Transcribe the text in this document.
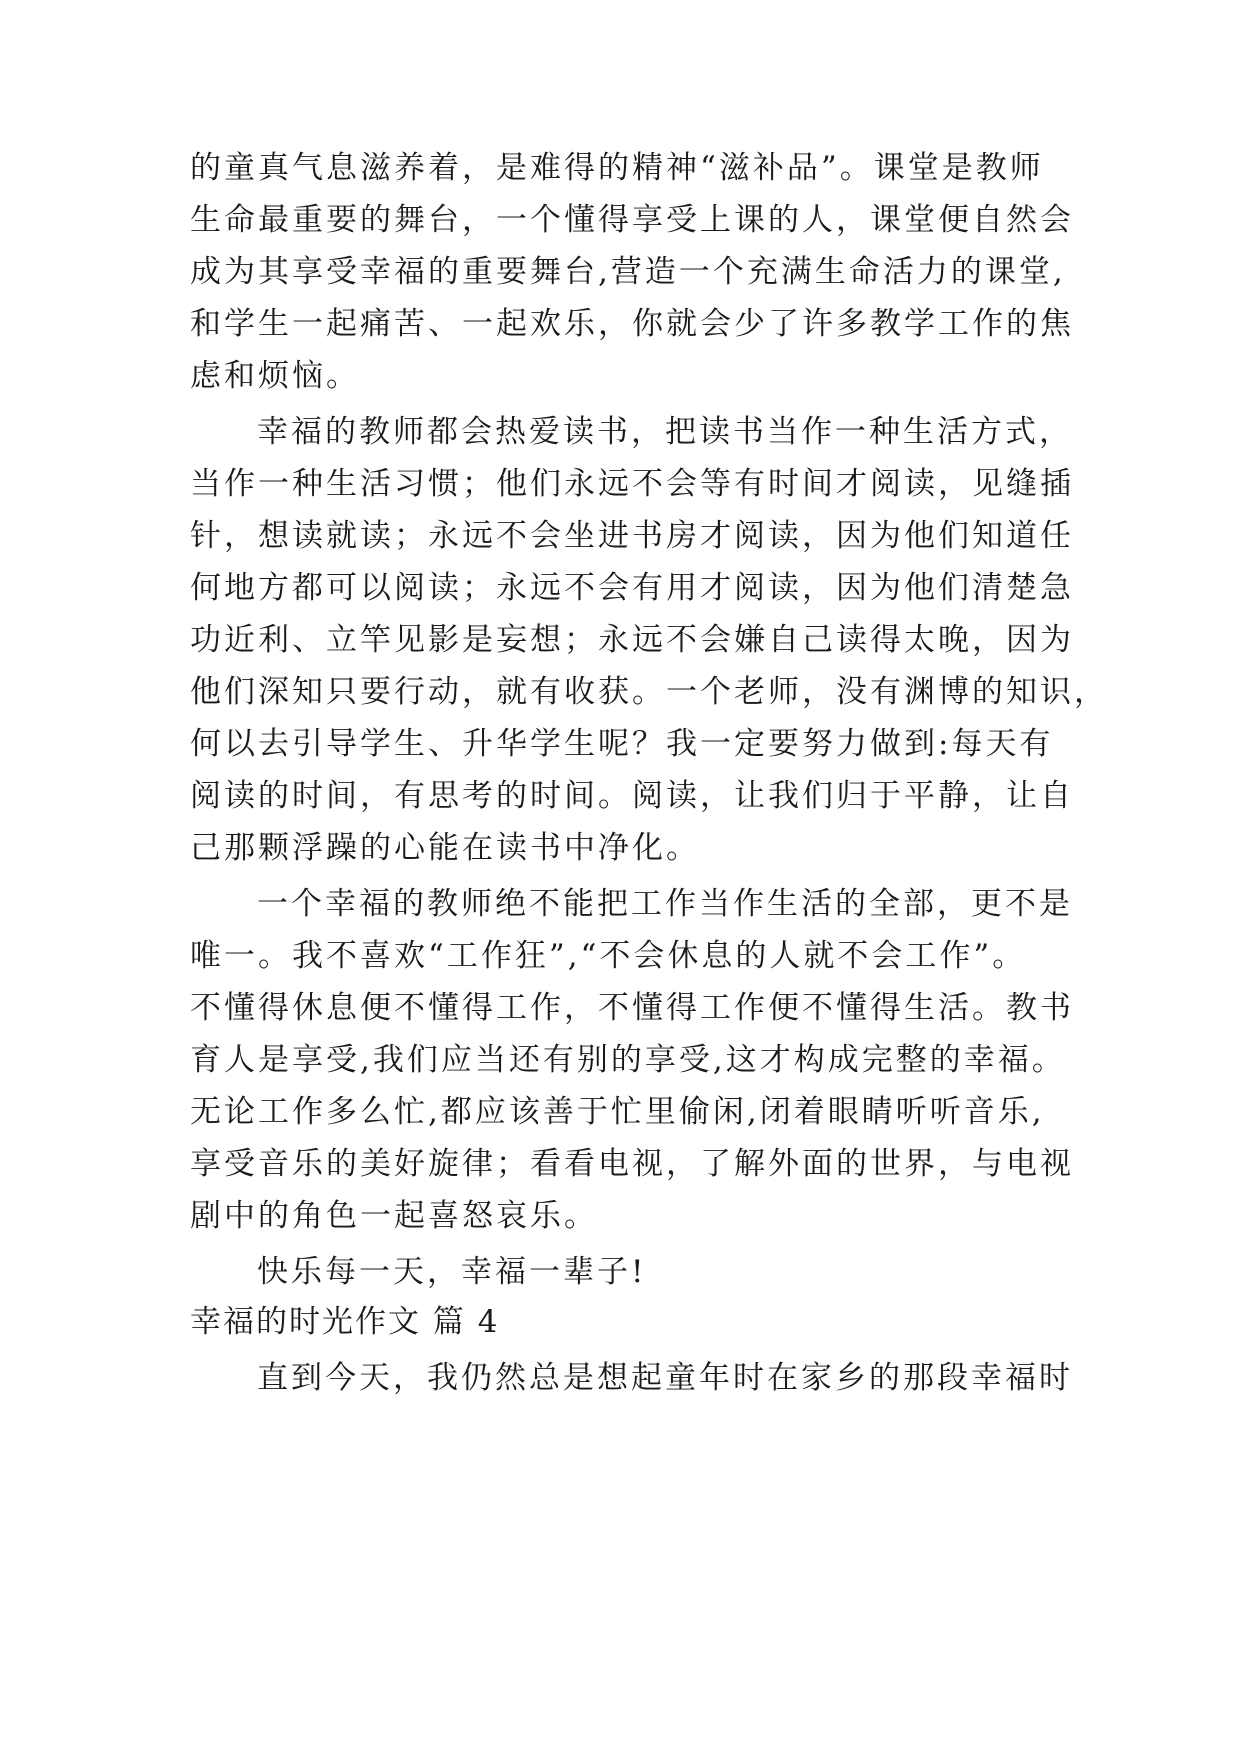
的童真气息滋养着，是难得的精神“滋补品”。课堂是教师
生命最重要的舞台，一个懂得享受上课的人，课堂便自然会
成为其享受幸福的重要舞台,营造一个充满生命活力的课堂,
和学生一起痛苦、一起欢乐，你就会少了许多教学工作的焦
虑和烦恼。
幸福的教师都会热爱读书，把读书当作一种生活方式，
当作一种生活习惯；他们永远不会等有时间才阅读，见缝插
针，想读就读；永远不会坐进书房才阅读，因为他们知道任
何地方都可以阅读；永远不会有用才阅读，因为他们清楚急
功近利、立竿见影是妄想；永远不会嫌自己读得太晚，因为
他们深知只要行动，就有收获。一个老师，没有渊博的知识，
何以去引导学生、升华学生呢？我一定要努力做到:每天有
阅读的时间，有思考的时间。阅读，让我们归于平静，让自
己那颗浮躁的心能在读书中净化。
一个幸福的教师绝不能把工作当作生活的全部，更不是
唯一。我不喜欢“工作狂”,“不会休息的人就不会工作”。
不懂得休息便不懂得工作，不懂得工作便不懂得生活。教书
育人是享受,我们应当还有别的享受,这才构成完整的幸福。
无论工作多么忙,都应该善于忙里偷闲,闭着眼睛听听音乐,
享受音乐的美好旋律；看看电视，了解外面的世界，与电视
剧中的角色一起喜怒哀乐。
快乐每一天，幸福一辈子!
幸福的时光作文 篇 4
直到今天，我仍然总是想起童年时在家乡的那段幸福时
